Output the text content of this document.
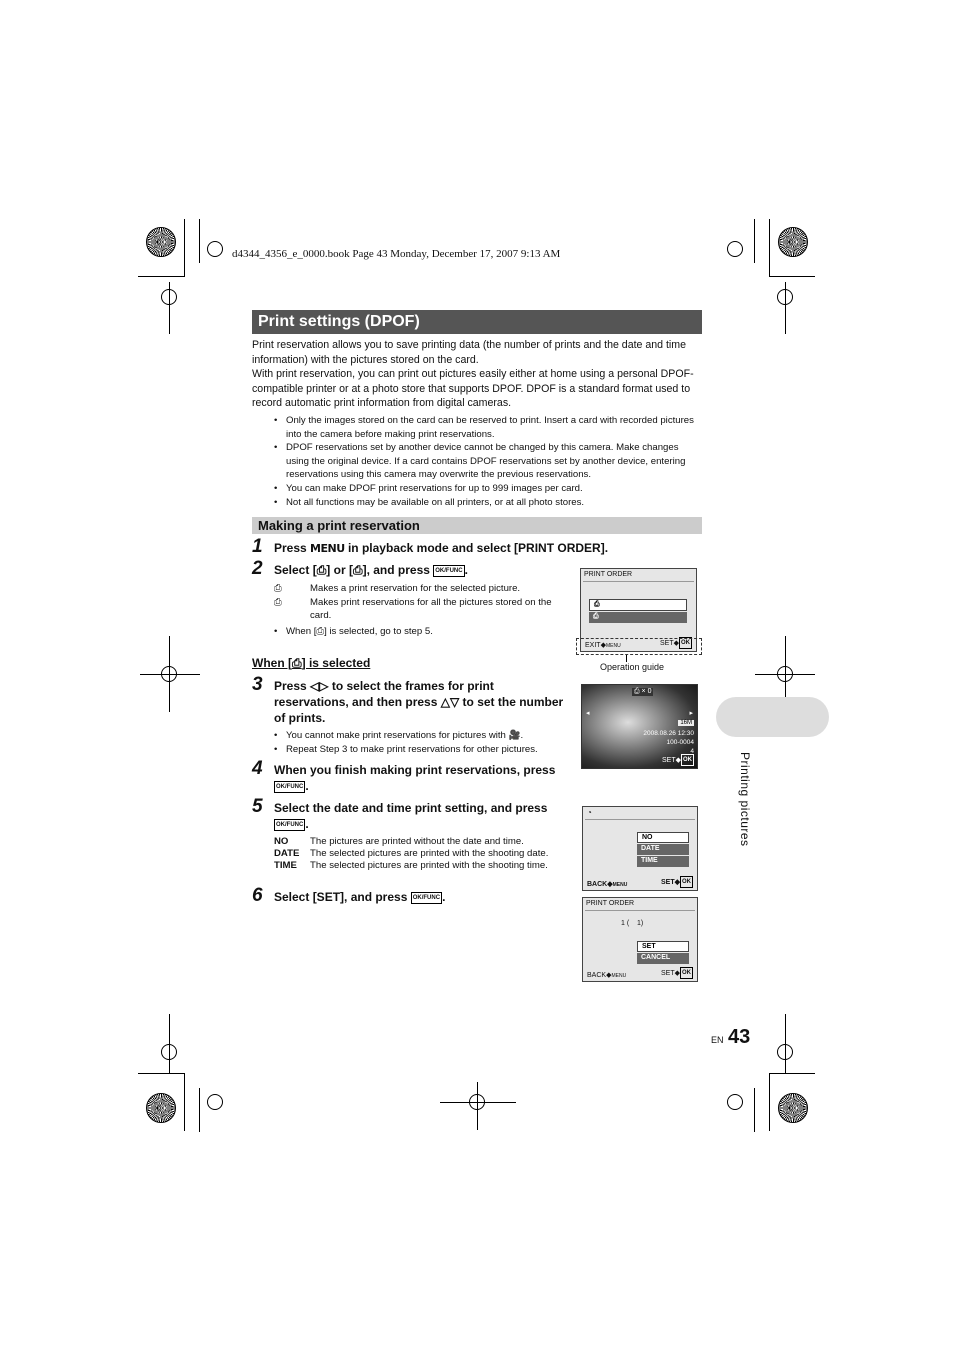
d4344_4356_e_0000.book Page 43 Monday, December 17, 2007 9:13 AM
Print settings (DPOF)
Print reservation allows you to save printing data (the number of prints and the date and time information) with the pictures stored on the card.
With print reservation, you can print out pictures easily either at home using a personal DPOF-compatible printer or at a photo store that supports DPOF. DPOF is a standard format used to record automatic print information from digital cameras.
• Only the images stored on the card can be reserved to print. Insert a card with recorded pictures into the camera before making print reservations.
• DPOF reservations set by another device cannot be changed by this camera. Make changes using the original device. If a card contains DPOF reservations set by another device, entering reservations using this camera may overwrite the previous reservations.
• You can make DPOF print reservations for up to 999 images per card.
• Not all functions may be available on all printers, or at all photo stores.
Making a print reservation
1 Press MENU in playback mode and select [PRINT ORDER].
2 Select [⎙] or [⎙], and press OK/FUNC .
⎙	Makes a print reservation for the selected picture.
⎙	Makes print reservations for all the pictures stored on the card.
• When [⎙] is selected, go to step 5.
PRINT ORDER
⎙
⎙
EXIT◆MENU	SET◆ OK
Operation guide
When [⎙] is selected
3 Press ◁▷ to select the frames for print reservations, and then press △▽ to set the number of prints.
• You cannot make print reservations for pictures with 🎥.
• Repeat Step 3 to make print reservations for other pictures.
⎙ × 0
◂	▸
16M
2008.08.26 12:30
100-0004
4
SET◆ OK
4 When you finish making print reservations, press OK/FUNC .
5 Select the date and time print setting, and press OK/FUNC .
NO The pictures are printed without the date and time.
DATE The selected pictures are printed with the shooting date.
TIME The selected pictures are printed with the shooting time.
◔
NO
DATE
TIME
BACK◆MENU	SET◆ OK
6 Select [SET], and press OK/FUNC .	PRINT ORDER
1 (    1)
SET
CANCEL
BACK◆MENU	SET◆ OK
Printing pictures
EN 43
